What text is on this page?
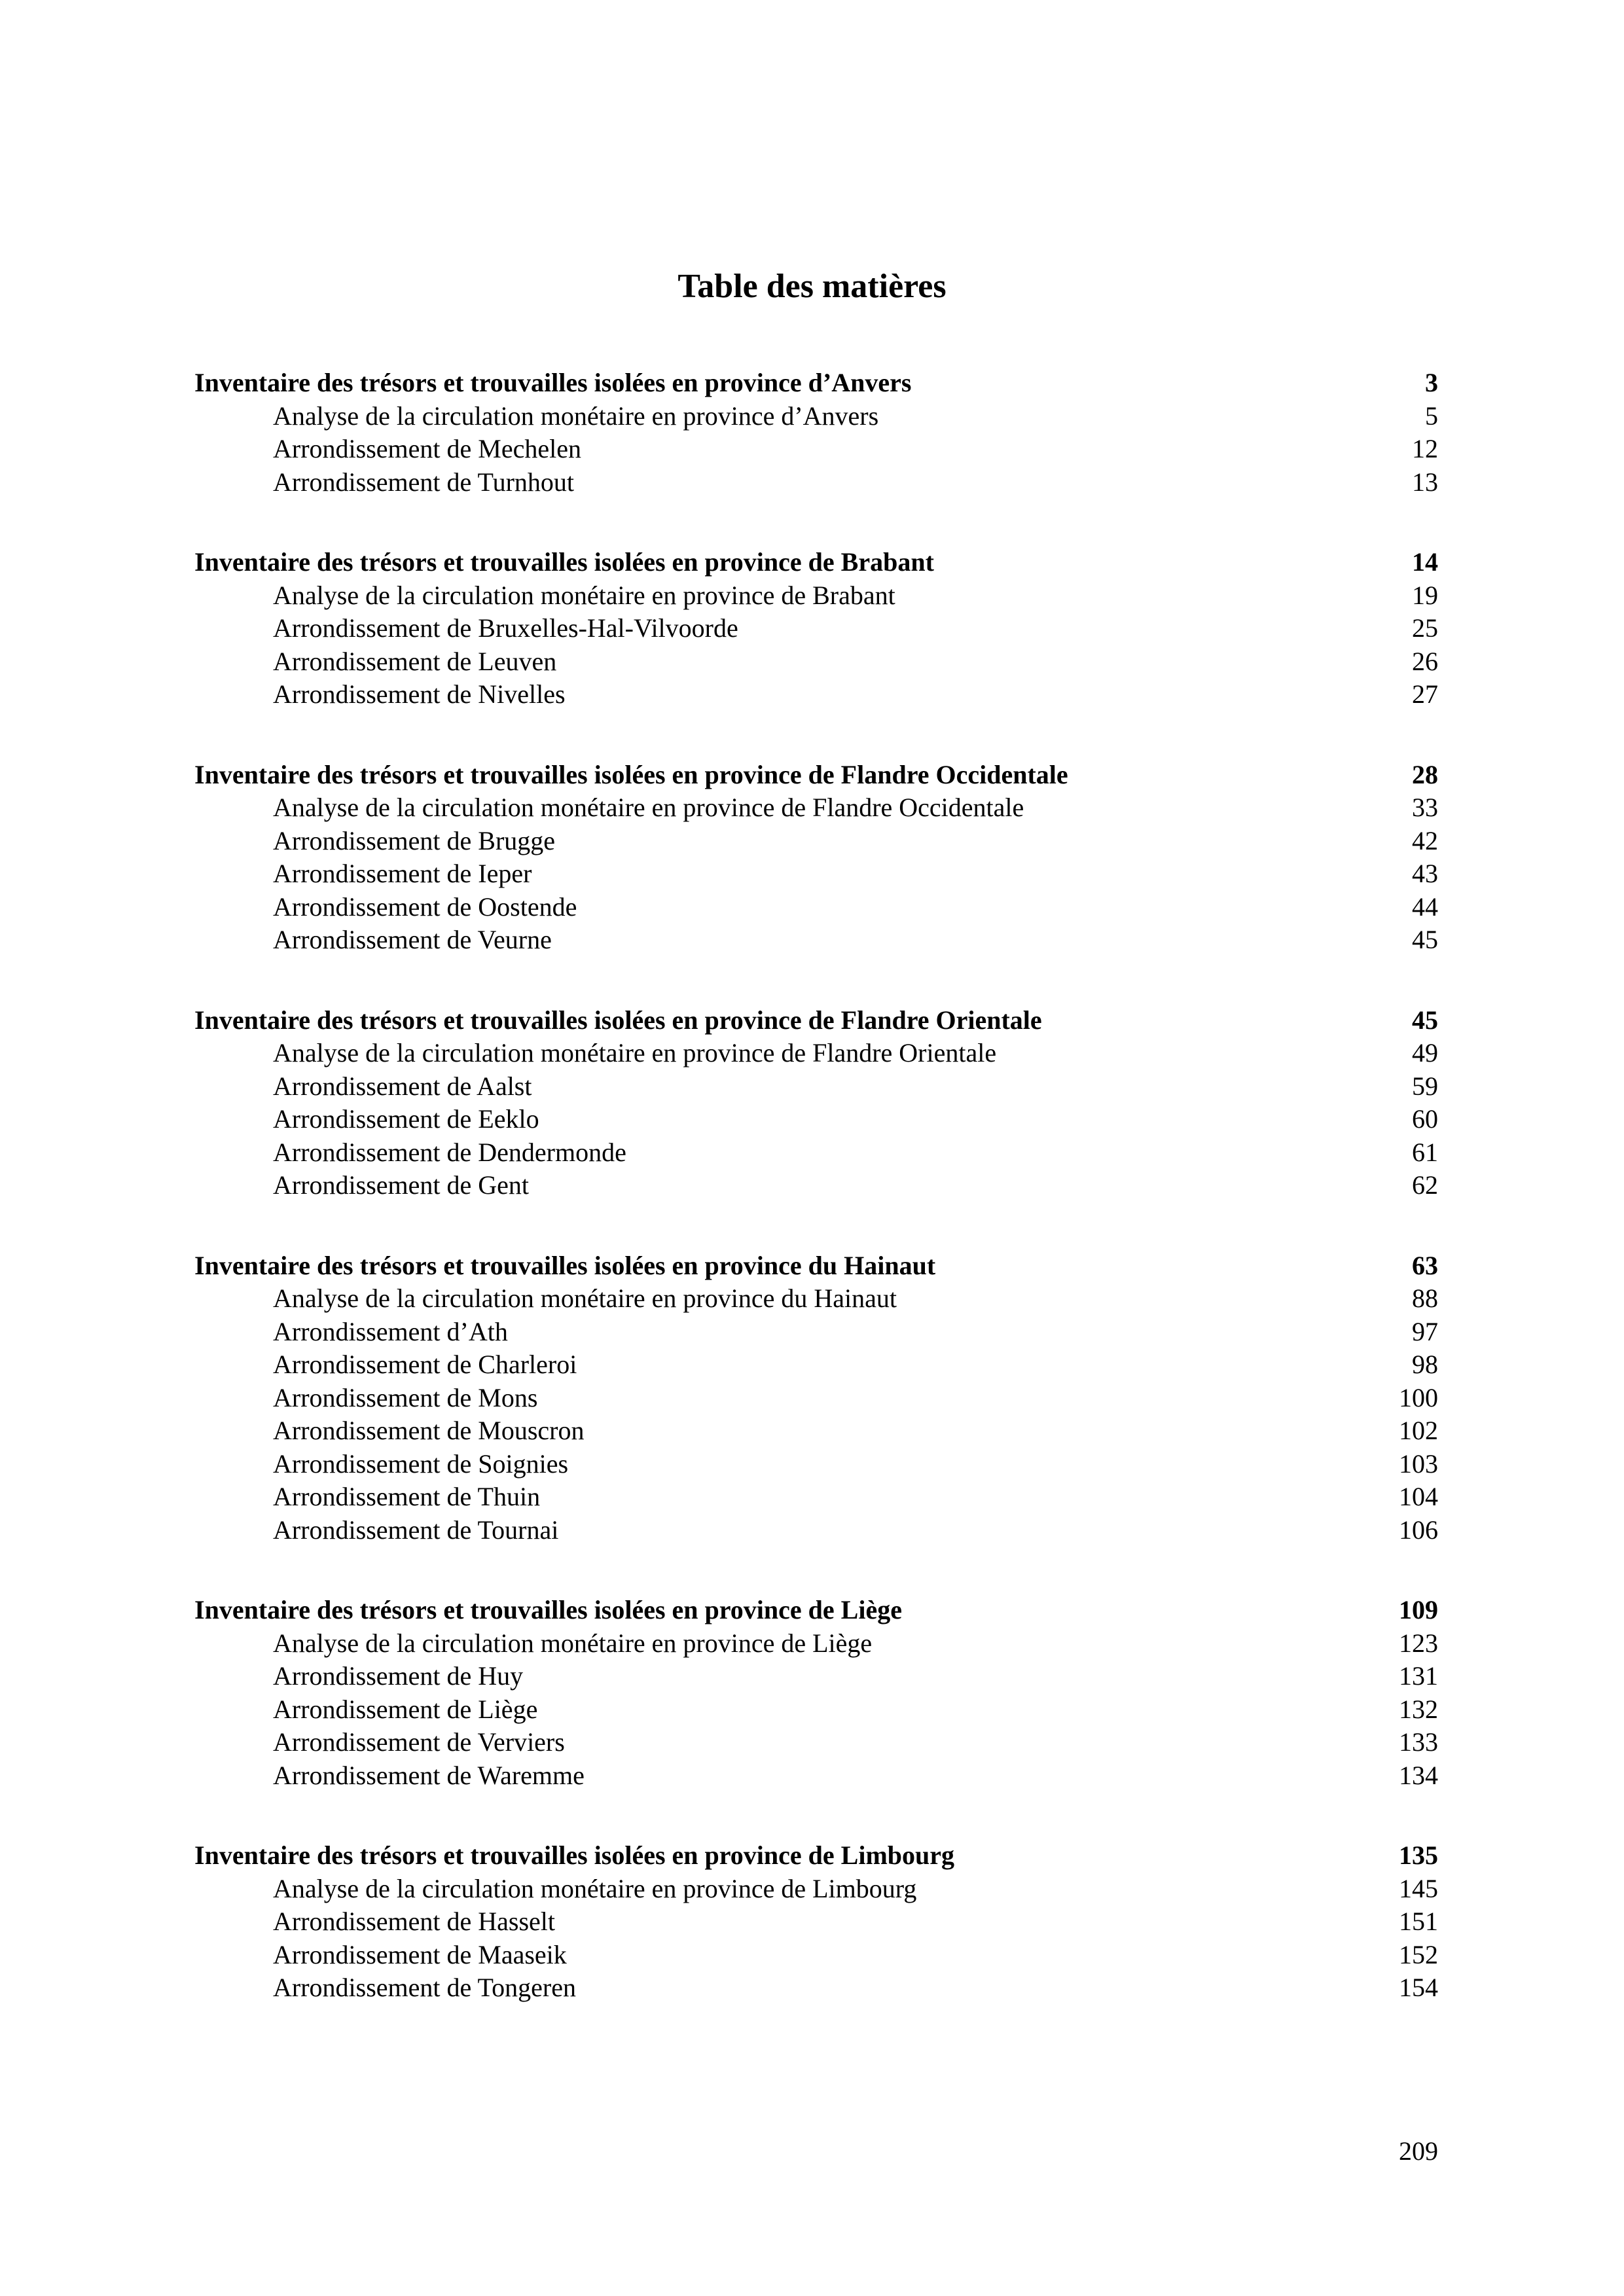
Table des matières
Inventaire des trésors et trouvailles isolées en province d’Anvers	3
Analyse de la circulation monétaire en province d’Anvers	5
Arrondissement de Mechelen	12
Arrondissement de Turnhout	13
Inventaire des trésors et trouvailles isolées en province de Brabant	14
Analyse de la circulation monétaire en province de Brabant	19
Arrondissement de Bruxelles-Hal-Vilvoorde	25
Arrondissement de Leuven	26
Arrondissement de Nivelles	27
Inventaire des trésors et trouvailles isolées en province de Flandre Occidentale	28
Analyse de la circulation monétaire en province de Flandre Occidentale	33
Arrondissement de Brugge	42
Arrondissement de Ieper	43
Arrondissement de Oostende	44
Arrondissement de Veurne	45
Inventaire des trésors et trouvailles isolées en province de Flandre Orientale	45
Analyse de la circulation monétaire en province de Flandre Orientale	49
Arrondissement de Aalst	59
Arrondissement de Eeklo	60
Arrondissement de Dendermonde	61
Arrondissement de Gent	62
Inventaire des trésors et trouvailles isolées en province du Hainaut	63
Analyse de la circulation monétaire en province du Hainaut	88
Arrondissement d’Ath	97
Arrondissement de Charleroi	98
Arrondissement de Mons	100
Arrondissement de Mouscron	102
Arrondissement de Soignies	103
Arrondissement de Thuin	104
Arrondissement de Tournai	106
Inventaire des trésors et trouvailles isolées en province de Liège	109
Analyse de la circulation monétaire en province de Liège	123
Arrondissement de Huy	131
Arrondissement de Liège	132
Arrondissement de Verviers	133
Arrondissement de Waremme	134
Inventaire des trésors et trouvailles isolées en province de Limbourg	135
Analyse de la circulation monétaire en province de Limbourg	145
Arrondissement de Hasselt	151
Arrondissement de Maaseik	152
Arrondissement de Tongeren	154
209
